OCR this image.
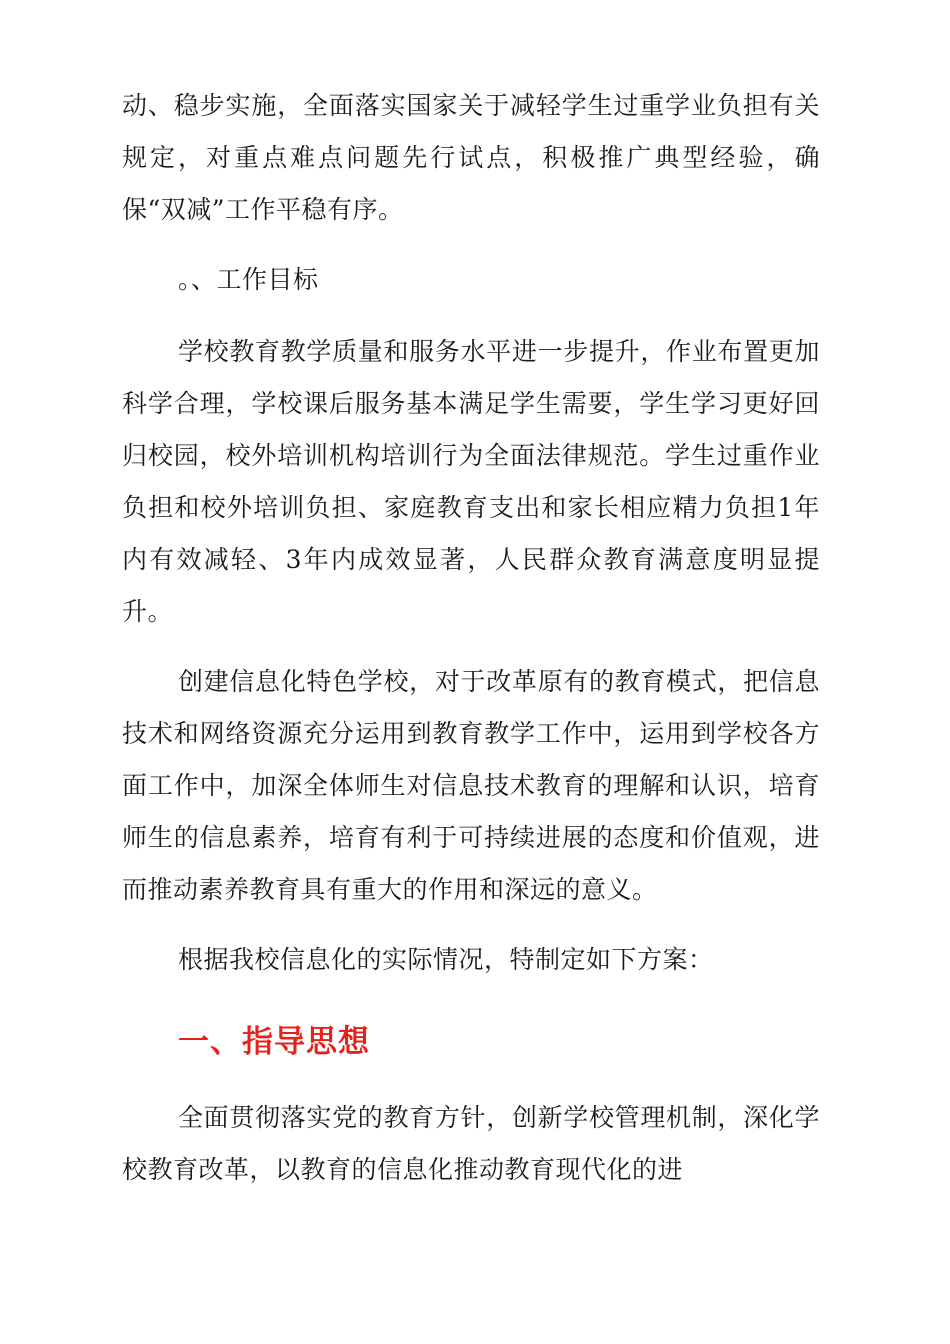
动、稳步实施，全面落实国家关于减轻学生过重学业负担有关规定，对重点难点问题先行试点，积极推广典型经验，确保“双减”工作平稳有序。

。、工作目标

学校教育教学质量和服务水平进一步提升，作业布置更加科学合理，学校课后服务基本满足学生需要，学生学习更好回归校园，校外培训机构培训行为全面法律规范。学生过重作业负担和校外培训负担、家庭教育支出和家长相应精力负担1年内有效减轻、3年内成效显著，人民群众教育满意度明显提升。

创建信息化特色学校，对于改革原有的教育模式，把信息技术和网络资源充分运用到教育教学工作中，运用到学校各方面工作中，加深全体师生对信息技术教育的理解和认识，培育师生的信息素养，培育有利于可持续进展的态度和价值观，进而推动素养教育具有重大的作用和深远的意义。

根据我校信息化的实际情况，特制定如下方案：

一、指导思想

全面贯彻落实党的教育方针，创新学校管理机制，深化学校教育改革，以教育的信息化推动教育现代化的进
